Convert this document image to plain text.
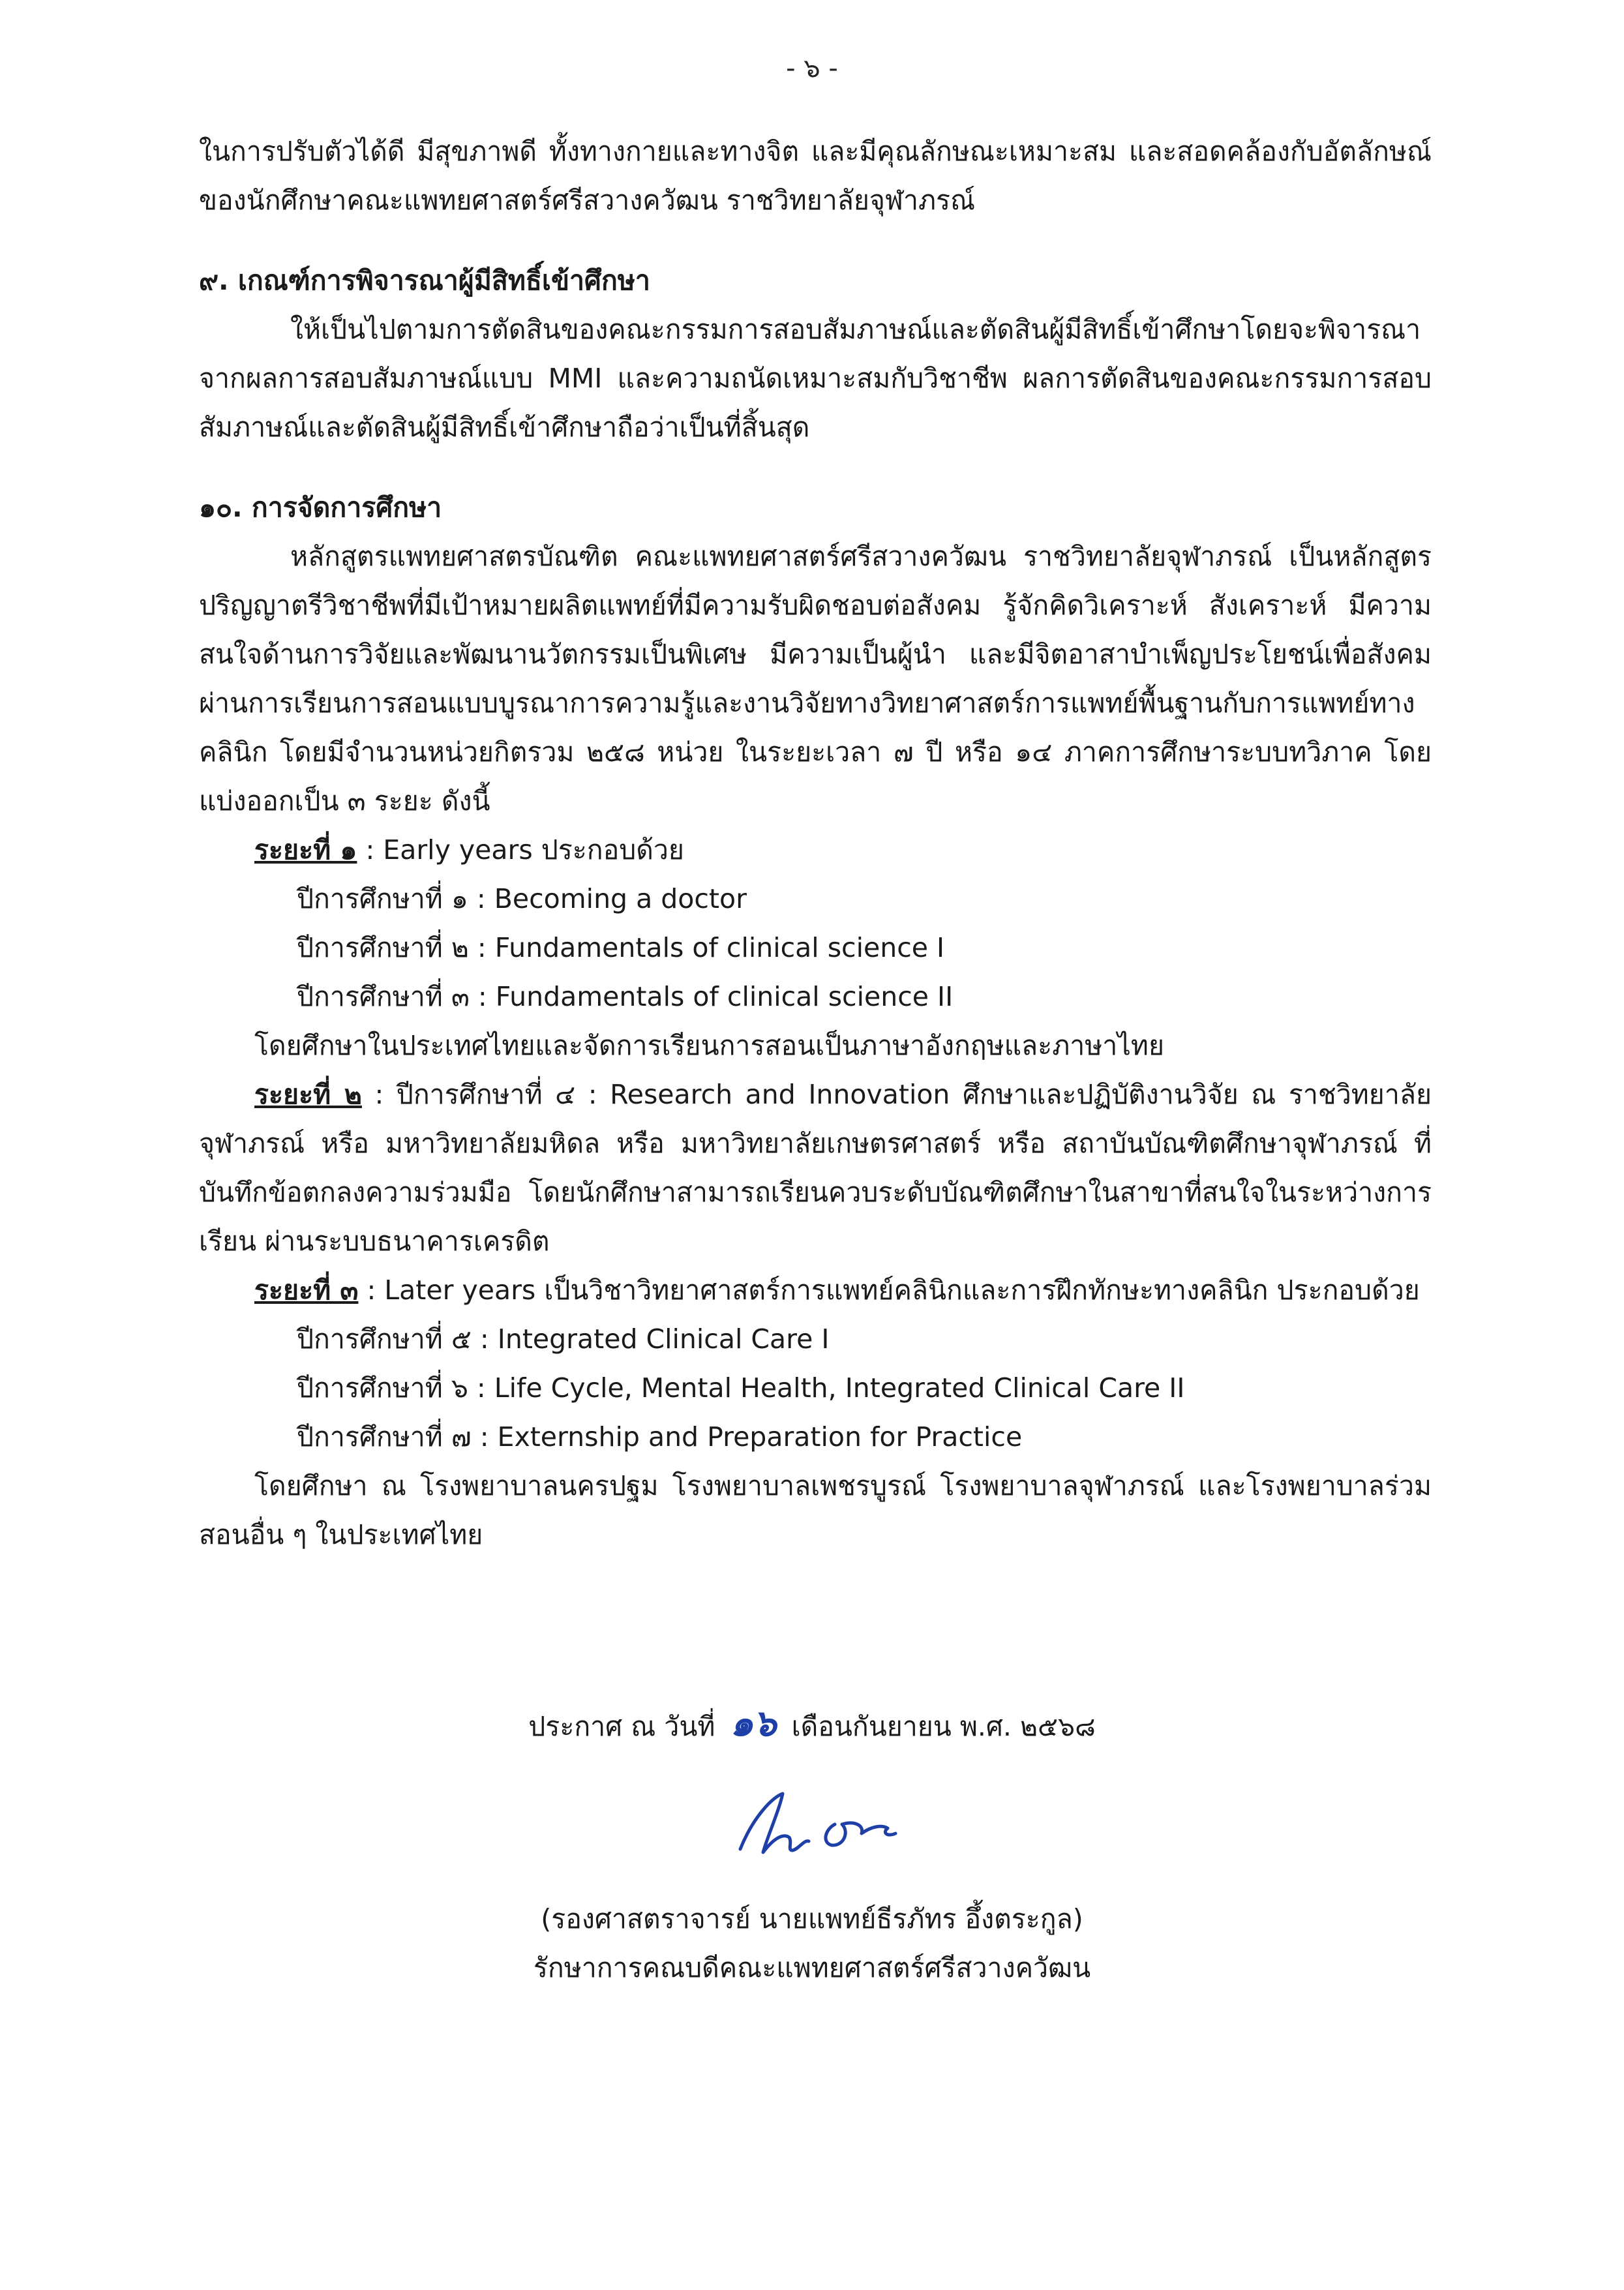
- ๖ -

ในการปรับตัวได้ดี มีสุขภาพดี ทั้งทางกายและทางจิต และมีคุณลักษณะเหมาะสม และสอดคล้องกับอัตลักษณ์ของนักศึกษาคณะแพทยศาสตร์ศรีสวางควัฒน ราชวิทยาลัยจุฬาภรณ์

๙. เกณฑ์การพิจารณาผู้มีสิทธิ์เข้าศึกษา

ให้เป็นไปตามการตัดสินของคณะกรรมการสอบสัมภาษณ์และตัดสินผู้มีสิทธิ์เข้าศึกษาโดยจะพิจารณาจากผลการสอบสัมภาษณ์แบบ MMI และความถนัดเหมาะสมกับวิชาชีพ ผลการตัดสินของคณะกรรมการสอบสัมภาษณ์และตัดสินผู้มีสิทธิ์เข้าศึกษาถือว่าเป็นที่สิ้นสุด

๑๐. การจัดการศึกษา

หลักสูตรแพทยศาสตรบัณฑิต คณะแพทยศาสตร์ศรีสวางควัฒน ราชวิทยาลัยจุฬาภรณ์ เป็นหลักสูตรปริญญาตรีวิชาชีพที่มีเป้าหมายผลิตแพทย์ที่มีความรับผิดชอบต่อสังคม รู้จักคิดวิเคราะห์ สังเคราะห์ มีความสนใจด้านการวิจัยและพัฒนานวัตกรรมเป็นพิเศษ มีความเป็นผู้นำ และมีจิตอาสาบำเพ็ญประโยชน์เพื่อสังคม ผ่านการเรียนการสอนแบบบูรณาการความรู้และงานวิจัยทางวิทยาศาสตร์การแพทย์พื้นฐานกับการแพทย์ทางคลินิก โดยมีจำนวนหน่วยกิตรวม ๒๕๘ หน่วย ในระยะเวลา ๗ ปี หรือ ๑๔ ภาคการศึกษาระบบทวิภาค โดยแบ่งออกเป็น ๓ ระยะ ดังนี้

ระยะที่ ๑ : Early years ประกอบด้วย

ปีการศึกษาที่ ๑ : Becoming a doctor

ปีการศึกษาที่ ๒ : Fundamentals of clinical science I

ปีการศึกษาที่ ๓ : Fundamentals of clinical science II

โดยศึกษาในประเทศไทยและจัดการเรียนการสอนเป็นภาษาอังกฤษและภาษาไทย

ระยะที่ ๒ : ปีการศึกษาที่ ๔ : Research and Innovation ศึกษาและปฏิบัติงานวิจัย ณ ราชวิทยาลัยจุฬาภรณ์ หรือ มหาวิทยาลัยมหิดล หรือ มหาวิทยาลัยเกษตรศาสตร์ หรือ สถาบันบัณฑิตศึกษาจุฬาภรณ์ ที่บันทึกข้อตกลงความร่วมมือ โดยนักศึกษาสามารถเรียนควบระดับบัณฑิตศึกษาในสาขาที่สนใจในระหว่างการเรียน ผ่านระบบธนาคารเครดิต

ระยะที่ ๓ : Later years เป็นวิชาวิทยาศาสตร์การแพทย์คลินิกและการฝึกทักษะทางคลินิก ประกอบด้วย

ปีการศึกษาที่ ๕ : Integrated Clinical Care I

ปีการศึกษาที่ ๖ : Life Cycle, Mental Health, Integrated Clinical Care II

ปีการศึกษาที่ ๗ : Externship and Preparation for Practice

โดยศึกษา ณ โรงพยาบาลนครปฐม โรงพยาบาลเพชรบูรณ์ โรงพยาบาลจุฬาภรณ์ และโรงพยาบาลร่วมสอนอื่น ๆ ในประเทศไทย

ประกาศ ณ วันที่ ๑๖ เดือนกันยายน พ.ศ. ๒๕๖๘
(รองศาสตราจารย์ นายแพทย์ธีรภัทร อึ้งตระกูล)
รักษาการคณบดีคณะแพทยศาสตร์ศรีสวางควัฒน
